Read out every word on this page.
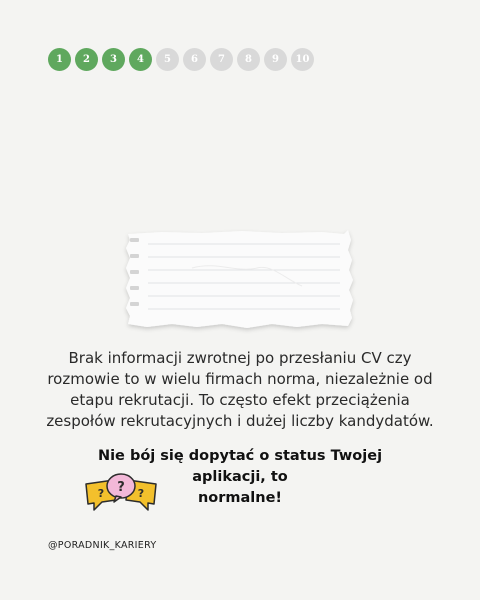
1	2	3	4	5	6	7	8	9	10

Brak informacji zwrotnej po przesłaniu CV czy

rozmowie to w wielu firmach norma, niezależnie od

etapu rekrutacji. To często efekt przeciążenia

zespołów rekrutacyjnych i dużej liczby kandydatów.

Nie bój się dopytać o status Twojej aplikacji, to

normalne!

?	?
?
@PORADNIK_KARIERY
